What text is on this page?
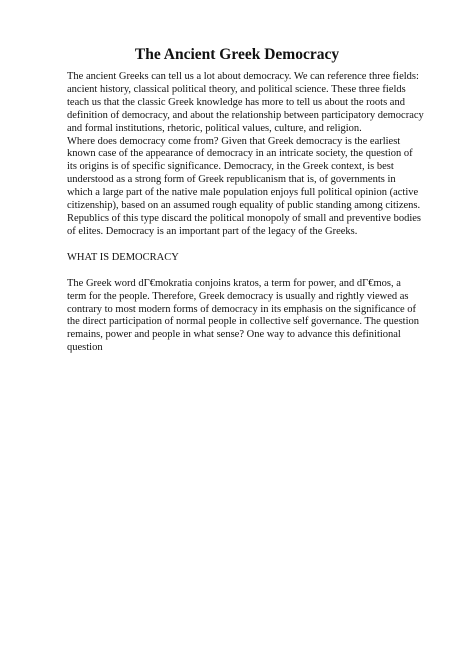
The Ancient Greek Democracy

The ancient Greeks can tell us a lot about democracy. We can reference three fields:
ancient history, classical political theory, and political science. These three fields
teach us that the classic Greek knowledge has more to tell us about the roots and
definition of democracy, and about the relationship between participatory democracy
and formal institutions, rhetoric, political values, culture, and religion.
Where does democracy come from? Given that Greek democracy is the earliest
known case of the appearance of democracy in an intricate society, the question of
its origins is of specific significance. Democracy, in the Greek context, is best
understood as a strong form of Greek republicanism that is, of governments in
which a large part of the native male population enjoys full political opinion (active
citizenship), based on an assumed rough equality of public standing among citizens.
Republics of this type discard the political monopoly of small and preventive bodies
of elites. Democracy is an important part of the legacy of the Greeks.

WHAT IS DEMOCRACY

The Greek word dΓ€mokratia conjoins kratos, a term for power, and dΓ€mos, a
term for the people. Therefore, Greek democracy is usually and rightly viewed as
contrary to most modern forms of democracy in its emphasis on the significance of
the direct participation of normal people in collective self governance. The question
remains, power and people in what sense? One way to advance this definitional
question
